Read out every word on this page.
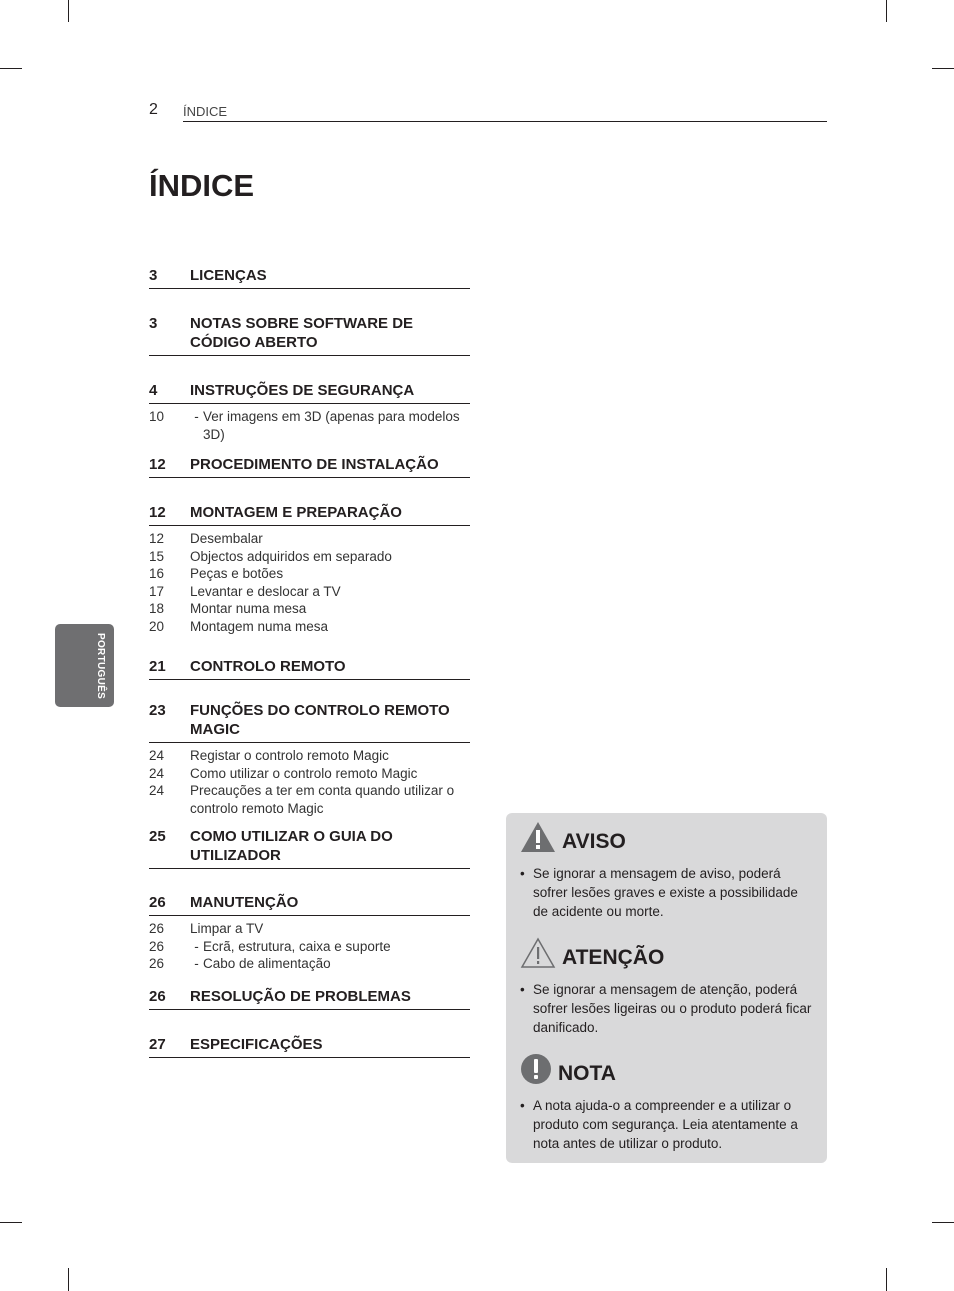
2 ÍNDICE
ÍNDICE
PORTUGUÊS
3	LICENÇAS
3	NOTAS SOBRE SOFTWARE DE CÓDIGO ABERTO
4	INSTRUÇÕES DE SEGURANÇA
10	- Ver imagens em 3D (apenas para modelos 3D)
12	PROCEDIMENTO DE INSTALAÇÃO
12	MONTAGEM E PREPARAÇÃO
12	Desembalar
15	Objectos adquiridos em separado
16	Peças e botões
17	Levantar e deslocar a TV
18	Montar numa mesa
20	Montagem numa mesa
21	CONTROLO REMOTO
23	FUNÇÕES DO CONTROLO REMOTO MAGIC
24	Registar o controlo remoto Magic
24	Como utilizar o controlo remoto Magic
24	Precauções a ter em conta quando utilizar o controlo remoto Magic
25	COMO UTILIZAR O GUIA DO UTILIZADOR
26	MANUTENÇÃO
26	Limpar a TV
26	- Ecrã, estrutura, caixa e suporte
26	- Cabo de alimentação
26	RESOLUÇÃO DE PROBLEMAS
27	ESPECIFICAÇÕES
AVISO
• Se ignorar a mensagem de aviso, poderá sofrer lesões graves e existe a possibilidade de acidente ou morte.
ATENÇÃO
• Se ignorar a mensagem de atenção, poderá sofrer lesões ligeiras ou o produto poderá ficar danificado.
NOTA
• A nota ajuda-o a compreender e a utilizar o produto com segurança. Leia atentamente a nota antes de utilizar o produto.
